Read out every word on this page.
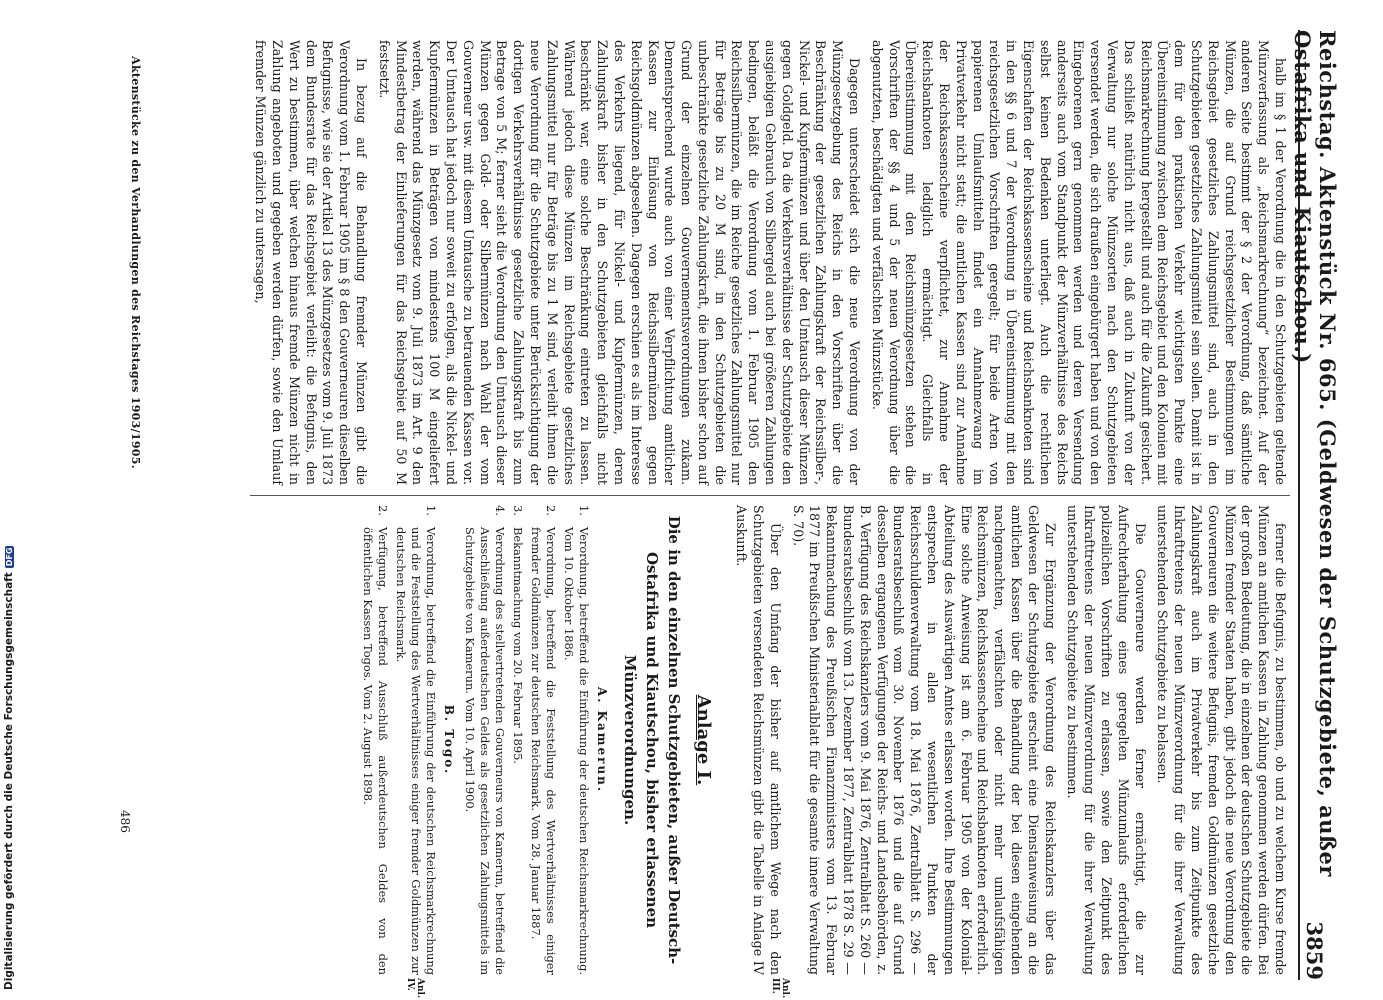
Reichstag. Aktenstück Nr. 665. (Geldwesen der Schutzgebiete, außer Ostafrika und Kiautschou.)
3859

halb im § 1 der Verordnung die in den Schutzgebieten geltende Münzverfassung als „Reichsmarkrechnung“ bezeichnet. Auf der anderen Seite bestimmt der § 2 der Verordnung, daß sämtliche Münzen, die auf Grund reichsgesetzlicher Bestimmungen im Reichsgebiet gesetzliches Zahlungsmittel sind, auch in den Schutzgebieten gesetzliches Zahlungsmittel sein sollen. Damit ist in dem für den praktischen Verkehr wichtigsten Punkte eine Übereinstimmung zwischen dem Reichsgebiet und den Kolonien mit Reichsmarkrechnung hergestellt und auch für die Zukunft gesichert. Das schließt natürlich nicht aus, daß auch in Zukunft von der Verwaltung nur solche Münzsorten nach den Schutzgebieten versendet werden, die sich draußen eingebürgert haben und von den Eingeborenen gern genommen werden und deren Versendung anderseits auch vom Standpunkt der Münzverhältnisse des Reichs selbst keinen Bedenken unterliegt. Auch die rechtlichen Eigenschaften der Reichskassenscheine und Reichsbanknoten sind in den §§ 6 und 7 der Verordnung in Übereinstimmung mit den reichsgesetzlichen Vorschriften geregelt; für beide Arten von papierenen Umlaufsmitteln findet ein Annahmezwang im Privatverkehr nicht statt; die amtlichen Kassen sind zur Annahme der Reichskassenscheine verpflichtet, zur Annahme der Reichsbanknoten lediglich ermächtigt. Gleichfalls in Übereinstimmung mit den Reichsmünzgesetzen stehen die Vorschriften der §§ 4 und 5 der neuen Verordnung über die abgenutzten, beschädigten und verfälschten Münzstücke.

Dagegen unterscheidet sich die neue Verordnung von der Münzgesetzgebung des Reichs in den Vorschriften über die Beschränkung der gesetzlichen Zahlungskraft der Reichssilber-, Nickel- und Kupfermünzen und über den Umtausch dieser Münzen gegen Goldgeld. Da die Verkehrsverhältnisse der Schutzgebiete den ausgiebigen Gebrauch von Silbergeld auch bei größeren Zahlungen bedingen, beläßt die Verordnung vom 1. Februar 1905 den Reichssilbermünzen, die im Reiche gesetzliches Zahlungsmittel nur für Beträge bis zu 20 M sind, in den Schutzgebieten die unbeschränkte gesetzliche Zahlungskraft, die ihnen bisher schon auf Grund der einzelnen Gouvernementsverordnungen zukam. Dementsprechend wurde auch von einer Verpflichtung amtlicher Kassen zur Einlösung von Reichssilbermünzen gegen Reichsgoldmünzen abgesehen. Dagegen erschien es als im Interesse des Verkehrs liegend, für Nickel- und Kupfermünzen, deren Zahlungskraft bisher in den Schutzgebieten gleichfalls nicht beschränkt war, eine solche Beschränkung eintreten zu lassen. Während jedoch diese Münzen im Reichsgebiete gesetzliches Zahlungsmittel nur für Beträge bis zu 1 M sind, verleiht ihnen die neue Verordnung für die Schutzgebiete unter Berücksichtigung der dortigen Verkehrsverhältnisse gesetzliche Zahlungskraft bis zum Betrage von 5 M; ferner sieht die Verordnung den Umtausch dieser Münzen gegen Gold- oder Silbermünzen nach Wahl der vom Gouverneur usw. mit diesem Umtausche zu betrauenden Kassen vor. Der Umtausch hat jedoch nur soweit zu erfolgen, als die Nickel- und Kupfermünzen in Beträgen von mindestens 100 M eingeliefert werden, während das Münzgesetz vom 9. Juli 1873 im Art. 9 den Mindestbetrag der Einlieferungen für das Reichsgebiet auf 50 M festsetzt.

In bezug auf die Behandlung fremder Münzen gibt die Verordnung vom 1. Februar 1905 im § 8 den Gouverneuren dieselben Befugnisse, wie sie der Artikel 13 des Münzgesetzes vom 9. Juli 1873 dem Bundesrate für das Reichsgebiet verleiht: die Befugnis, den Wert zu bestimmen, über welchen hinaus fremde Münzen nicht in Zahlung angeboten und gegeben werden dürfen, sowie den Umlauf fremder Münzen gänzlich zu untersagen,

ferner die Befugnis, zu bestimmen, ob und zu welchem Kurse fremde Münzen an amtlichen Kassen in Zahlung genommen werden dürfen. Bei der großen Bedeutung, die in einzelnen der deutschen Schutzgebiete die Münzen fremder Staaten haben, gibt jedoch die neue Verordnung den Gouverneuren die weitere Befugnis, fremden Goldmünzen gesetzliche Zahlungskraft auch im Privatverkehr bis zum Zeitpunkte des Inkrafttretens der neuen Münzverordnung für die ihrer Verwaltung unterstehenden Schutzgebiete zu belassen.

Die Gouverneure werden ferner ermächtigt, die zur Aufrechterhaltung eines geregelten Münzumlaufs erforderlichen polizeilichen Vorschriften zu erlassen, sowie den Zeitpunkt des Inkrafttretens der neuen Münzverordnung für die ihrer Verwaltung unterstehenden Schutzgebiete zu bestimmen.

Zur Ergänzung der Verordnung des Reichskanzlers über das Geldwesen der Schutzgebiete erscheint eine Dienstanweisung an die amtlichen Kassen über die Behandlung der bei diesen eingehenden nachgemachten, verfälschten oder nicht mehr umlaufsfähigen Reichsmünzen, Reichskassenscheine und Reichsbanknoten erforderlich. Eine solche Anweisung ist am 6. Februar 1905 von der Kolonial-Abteilung des Auswärtigen Amtes erlassen worden. Ihre Bestimmungen entsprechen in allen wesentlichen Punkten der Reichsschuldenverwaltung vom 18. Mai 1876, Zentralblatt S. 296 — Bundesratsbeschluß vom 30. November 1876 und die auf Grund desselben ergangenen Verfügungen der Reichs- und Landesbehörden, z. B. Verfügung des Reichskanzlers vom 9. Mai 1876, Zentralblatt S. 260 — Bundesratsbeschluß vom 13. Dezember 1877, Zentralblatt 1878 S. 29 — Bekanntmachung des Preußischen Finanzministers vom 13. Februar 1877 im Preußischen Ministerialblatt für die gesamte innere Verwaltung S. 70).

Über den Umfang der bisher auf amtlichem Wege nach den Schutzgebieten versendeten Reichsmünzen gibt die Tabelle in Anlage IV Auskunft.

Anlage I.
Die in den einzelnen Schutzgebieten, außer Deutsch-Ostafrika und Kiautschou, bisher erlassenen Münzverordnungen.
A. Kamerun.
1.
Verordnung, betreffend die Einführung der deutschen Reichsmarkrechnung. Vom 10. Oktober 1886.
2.
Verordnung, betreffend die Feststellung des Wertverhältnisses einiger fremder Goldmünzen zur deutschen Reichsmark. Vom 28. Januar 1887.
3.
Bekanntmachung vom 20. Februar 1895.
4.
Verordnung des stellvertretenden Gouverneurs von Kamerun, betreffend die Ausschließung außerdeutschen Geldes als gesetzlichen Zahlungsmittels im Schutzgebiete von Kamerun. Vom 10. April 1900.
B. Togo.
1.
Verordnung, betreffend die Einführung der deutschen Reichsmarkrechnung und die Feststellung des Wertverhältnisses einiger fremder Goldmünzen zur deutschen Reichsmark.
2.
Verfügung, betreffend Ausschluß außerdeutschen Geldes von den öffentlichen Kassen Togos. Vom 2. August 1898.
Anl. III.
Anl. IV.
Aktenstücke zu den Verhandlungen des Reichstages 1903/1905.
486
Digitalisierung gefördert durch die Deutsche Forschungsgemeinschaft
DFG
